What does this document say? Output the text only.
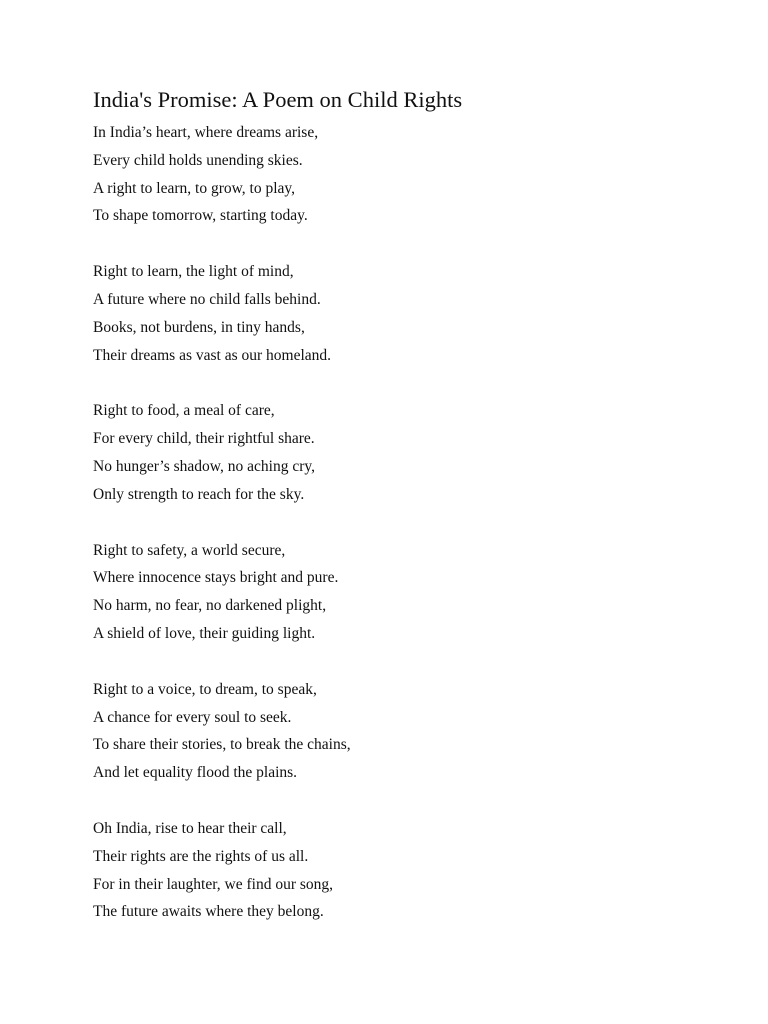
India's Promise: A Poem on Child Rights
In India’s heart, where dreams arise,
Every child holds unending skies.
A right to learn, to grow, to play,
To shape tomorrow, starting today.
Right to learn, the light of mind,
A future where no child falls behind.
Books, not burdens, in tiny hands,
Their dreams as vast as our homeland.
Right to food, a meal of care,
For every child, their rightful share.
No hunger’s shadow, no aching cry,
Only strength to reach for the sky.
Right to safety, a world secure,
Where innocence stays bright and pure.
No harm, no fear, no darkened plight,
A shield of love, their guiding light.
Right to a voice, to dream, to speak,
A chance for every soul to seek.
To share their stories, to break the chains,
And let equality flood the plains.
Oh India, rise to hear their call,
Their rights are the rights of us all.
For in their laughter, we find our song,
The future awaits where they belong.
